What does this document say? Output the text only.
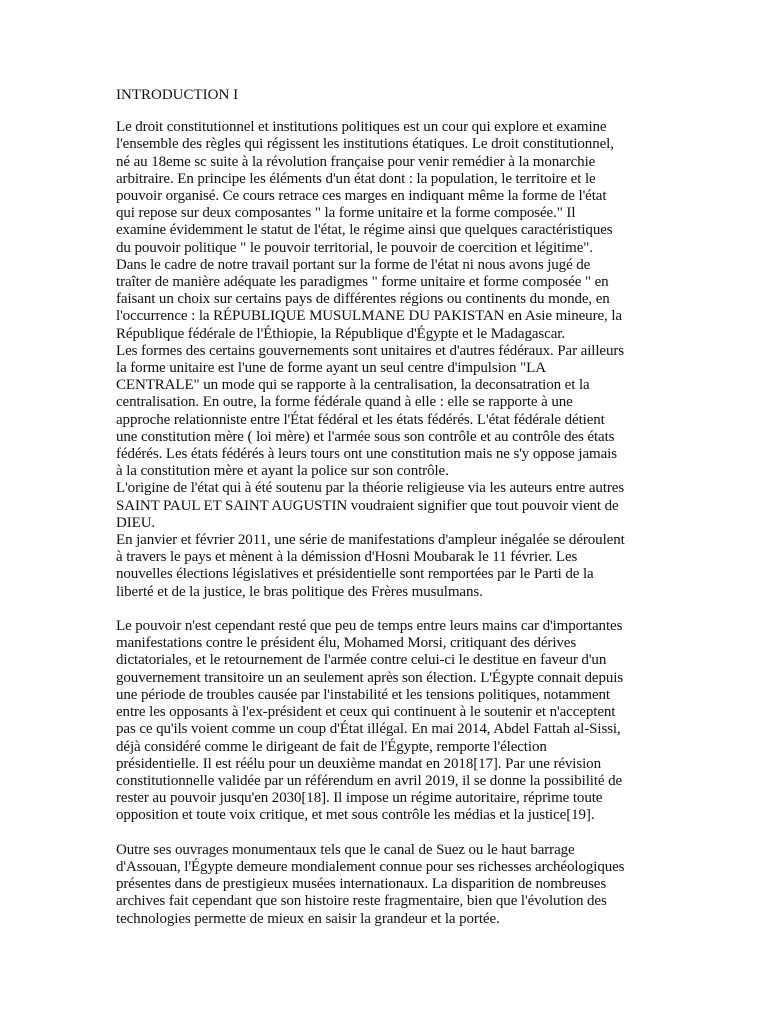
INTRODUCTION I
Le droit constitutionnel et institutions politiques est un cour qui explore et examine
l'ensemble des règles qui régissent les institutions étatiques. Le droit constitutionnel,
né au 18eme sc suite à la révolution française pour venir remédier à la monarchie
arbitraire. En principe les éléments d'un état dont : la population, le territoire et le
pouvoir organisé. Ce cours retrace ces marges en indiquant même la forme de l'état
qui repose sur deux composantes " la forme unitaire et la forme composée." Il
examine évidemment le statut de l'état, le régime ainsi que quelques caractéristiques
du pouvoir politique " le pouvoir territorial, le pouvoir de coercition et légitime".
Dans le cadre de notre travail portant sur la forme de l'état ni nous avons jugé de
traîter de manière adéquate les paradigmes " forme unitaire et forme composée " en
faisant un choix sur certains pays de différentes régions ou continents du monde, en
l'occurrence : la RÉPUBLIQUE MUSULMANE DU PAKISTAN en Asie mineure, la
République fédérale de l'Éthiopie, la République d'Égypte et le Madagascar.
Les formes des certains gouvernements sont unitaires et d'autres fédéraux. Par ailleurs
la forme unitaire est l'une de forme ayant un seul centre d'impulsion "LA
CENTRALE" un mode qui se rapporte à la centralisation, la deconsatration et la
centralisation. En outre, la forme fédérale quand à elle : elle se rapporte à une
approche relationniste entre l'État fédéral et les états fédérés. L'état fédérale détient
une constitution mère ( loi mère) et l'armée sous son contrôle et au contrôle des états
fédérés. Les états fédérés à leurs tours ont une constitution mais ne s'y oppose jamais
à la constitution mère et ayant la police sur son contrôle.
L'origine de l'état qui à été soutenu par la théorie religieuse via les auteurs entre autres
SAINT PAUL ET SAINT AUGUSTIN voudraient signifier que tout pouvoir vient de
DIEU.
En janvier et février 2011, une série de manifestations d'ampleur inégalée se déroulent
à travers le pays et mènent à la démission d'Hosni Moubarak le 11 février. Les
nouvelles élections législatives et présidentielle sont remportées par le Parti de la
liberté et de la justice, le bras politique des Frères musulmans.
Le pouvoir n'est cependant resté que peu de temps entre leurs mains car d'importantes
manifestations contre le président élu, Mohamed Morsi, critiquant des dérives
dictatoriales, et le retournement de l'armée contre celui-ci le destitue en faveur d'un
gouvernement transitoire un an seulement après son élection. L'Égypte connait depuis
une période de troubles causée par l'instabilité et les tensions politiques, notamment
entre les opposants à l'ex-président et ceux qui continuent à le soutenir et n'acceptent
pas ce qu'ils voient comme un coup d'État illégal. En mai 2014, Abdel Fattah al-Sissi,
déjà considéré comme le dirigeant de fait de l'Égypte, remporte l'élection
présidentielle. Il est réélu pour un deuxième mandat en 2018[17]. Par une révision
constitutionnelle validée par un référendum en avril 2019, il se donne la possibilité de
rester au pouvoir jusqu'en 2030[18]. Il impose un régime autoritaire, réprime toute
opposition et toute voix critique, et met sous contrôle les médias et la justice[19].
Outre ses ouvrages monumentaux tels que le canal de Suez ou le haut barrage
d'Assouan, l'Égypte demeure mondialement connue pour ses richesses archéologiques
présentes dans de prestigieux musées internationaux. La disparition de nombreuses
archives fait cependant que son histoire reste fragmentaire, bien que l'évolution des
technologies permette de mieux en saisir la grandeur et la portée.
